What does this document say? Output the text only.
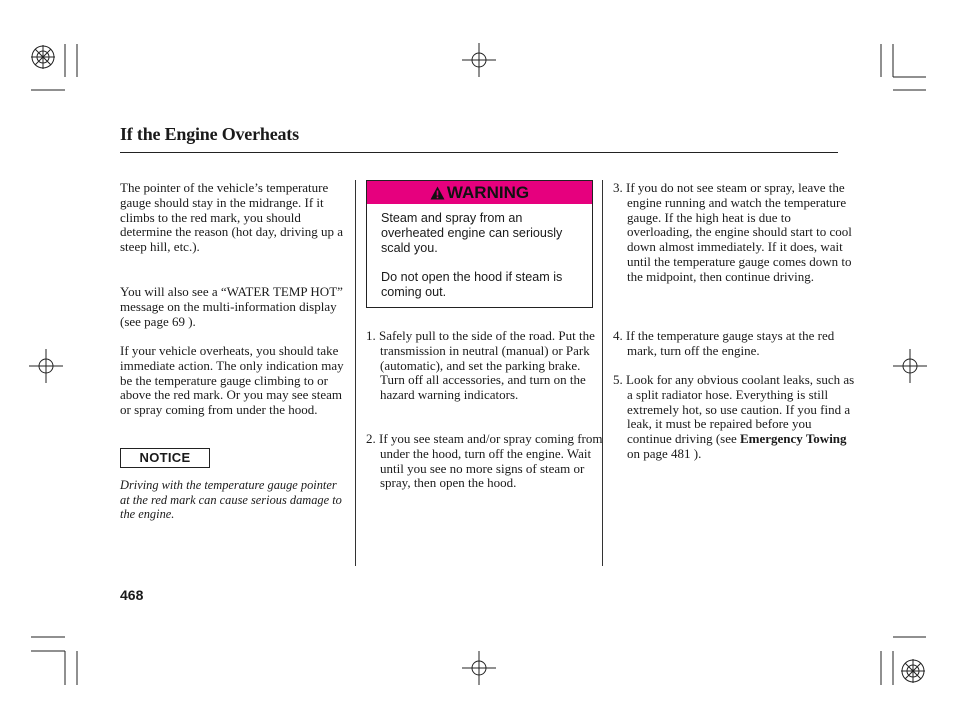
If the Engine Overheats
The pointer of the vehicle’s temperature gauge should stay in the midrange. If it climbs to the red mark, you should determine the reason (hot day, driving up a steep hill, etc.).
You will also see a “WATER TEMP HOT” message on the multi-information display (see page 69 ).
If your vehicle overheats, you should take immediate action. The only indication may be the temperature gauge climbing to or above the red mark. Or you may see steam or spray coming from under the hood.
NOTICE
Driving with the temperature gauge pointer at the red mark can cause serious damage to the engine.
WARNING

Steam and spray from an overheated engine can seriously scald you.

Do not open the hood if steam is coming out.

1. Safely pull to the side of the road. Put the transmission in neutral (manual) or Park (automatic), and set the parking brake. Turn off all accessories, and turn on the hazard warning indicators.
2. If you see steam and/or spray coming from under the hood, turn off the engine. Wait until you see no more signs of steam or spray, then open the hood.
3. If you do not see steam or spray, leave the engine running and watch the temperature gauge. If the high heat is due to overloading, the engine should start to cool down almost immediately. If it does, wait until the temperature gauge comes down to the midpoint, then continue driving.
4. If the temperature gauge stays at the red mark, turn off the engine.
5. Look for any obvious coolant leaks, such as a split radiator hose. Everything is still extremely hot, so use caution. If you find a leak, it must be repaired before you continue driving (see Emergency Towing on page 481 ).
468
